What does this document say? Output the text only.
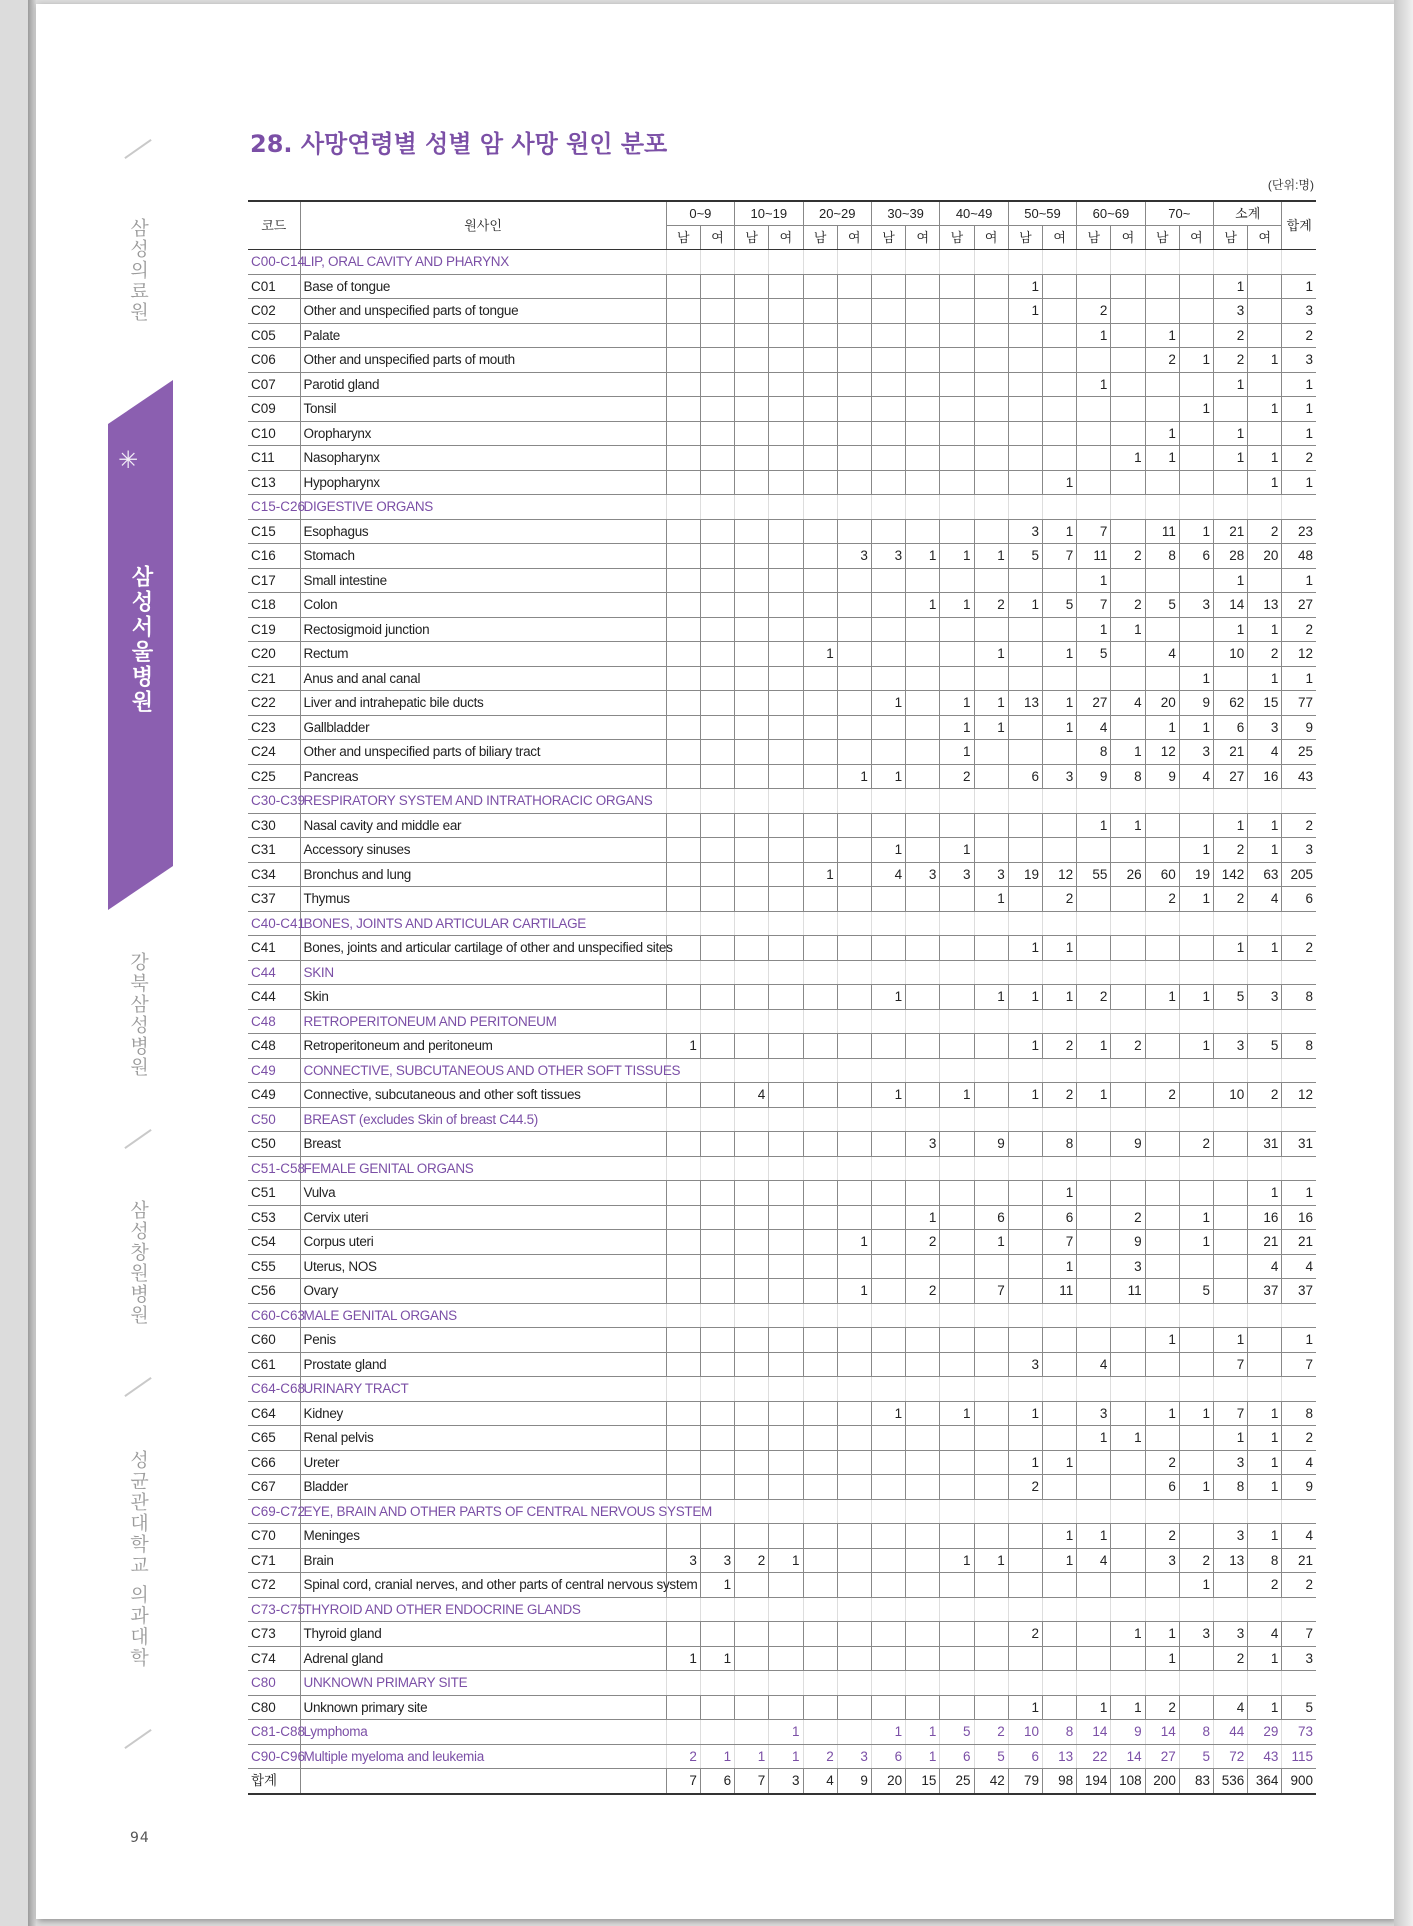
삼성의료원
✳
삼성서울병원
강북삼성병원
삼성창원병원
성균관대학교 의과대학
94
28. 사망연령별 성별 암 사망 원인 분포
(단위:명)
코드	원사인	0~9		10~19		20~29		30~39		40~49		50~59		60~69		70~		소계		합계
		남	여	남	여	남	여	남	여	남	여	남	여	남	여	남	여	남	여	
C00-C14	LIP, ORAL CAVITY AND PHARYNX																			
C01	Base of tongue											1						1		1
C02	Other and unspecified parts of tongue											1		2				3		3
C05	Palate													1		1		2		2
C06	Other and unspecified parts of mouth															2	1	2	1	3
C07	Parotid gland													1				1		1
C09	Tonsil																1		1	1
C10	Oropharynx															1		1		1
C11	Nasopharynx														1	1		1	1	2
C13	Hypopharynx												1						1	1
C15-C26	DIGESTIVE ORGANS																			
C15	Esophagus											3	1	7		11	1	21	2	23
C16	Stomach						3	3	1	1	1	5	7	11	2	8	6	28	20	48
C17	Small intestine													1				1		1
C18	Colon								1	1	2	1	5	7	2	5	3	14	13	27
C19	Rectosigmoid junction													1	1			1	1	2
C20	Rectum					1					1		1	5		4		10	2	12
C21	Anus and anal canal																1		1	1
C22	Liver and intrahepatic bile ducts							1		1	1	13	1	27	4	20	9	62	15	77
C23	Gallbladder									1	1		1	4		1	1	6	3	9
C24	Other and unspecified parts of biliary tract									1				8	1	12	3	21	4	25
C25	Pancreas						1	1		2		6	3	9	8	9	4	27	16	43
C30-C39	RESPIRATORY SYSTEM AND INTRATHORACIC ORGANS																			
C30	Nasal cavity and middle ear													1	1			1	1	2
C31	Accessory sinuses							1		1							1	2	1	3
C34	Bronchus and lung					1		4	3	3	3	19	12	55	26	60	19	142	63	205
C37	Thymus										1		2			2	1	2	4	6
C40-C41	BONES, JOINTS AND ARTICULAR CARTILAGE																			
C41	Bones, joints and articular cartilage of other and unspecified sites											1	1					1	1	2
C44	SKIN																			
C44	Skin							1			1	1	1	2		1	1	5	3	8
C48	RETROPERITONEUM AND PERITONEUM																			
C48	Retroperitoneum and peritoneum	1										1	2	1	2		1	3	5	8
C49	CONNECTIVE, SUBCUTANEOUS AND OTHER SOFT TISSUES																			
C49	Connective, subcutaneous and other soft tissues			4				1		1		1	2	1		2		10	2	12
C50	BREAST (excludes Skin of breast C44.5)																			
C50	Breast								3		9		8		9		2		31	31
C51-C58	FEMALE GENITAL ORGANS																			
C51	Vulva												1						1	1
C53	Cervix uteri								1		6		6		2		1		16	16
C54	Corpus uteri						1		2		1		7		9		1		21	21
C55	Uterus, NOS												1		3				4	4
C56	Ovary						1		2		7		11		11		5		37	37
C60-C63	MALE GENITAL ORGANS																			
C60	Penis															1		1		1
C61	Prostate gland											3		4				7		7
C64-C68	URINARY TRACT																			
C64	Kidney							1		1		1		3		1	1	7	1	8
C65	Renal pelvis													1	1			1	1	2
C66	Ureter											1	1			2		3	1	4
C67	Bladder											2				6	1	8	1	9
C69-C72	EYE, BRAIN AND OTHER PARTS OF CENTRAL NERVOUS SYSTEM																			
C70	Meninges												1	1		2		3	1	4
C71	Brain	3	3	2	1					1	1		1	4		3	2	13	8	21
C72	Spinal cord, cranial nerves, and other parts of central nervous system		1														1		2	2
C73-C75	THYROID AND OTHER ENDOCRINE GLANDS																			
C73	Thyroid gland											2			1	1	3	3	4	7
C74	Adrenal gland	1	1													1		2	1	3
C80	UNKNOWN PRIMARY SITE																			
C80	Unknown primary site											1		1	1	2		4	1	5
C81-C88	Lymphoma				1			1	1	5	2	10	8	14	9	14	8	44	29	73
C90-C96	Multiple myeloma and leukemia	2	1	1	1	2	3	6	1	6	5	6	13	22	14	27	5	72	43	115
합계		7	6	7	3	4	9	20	15	25	42	79	98	194	108	200	83	536	364	900
